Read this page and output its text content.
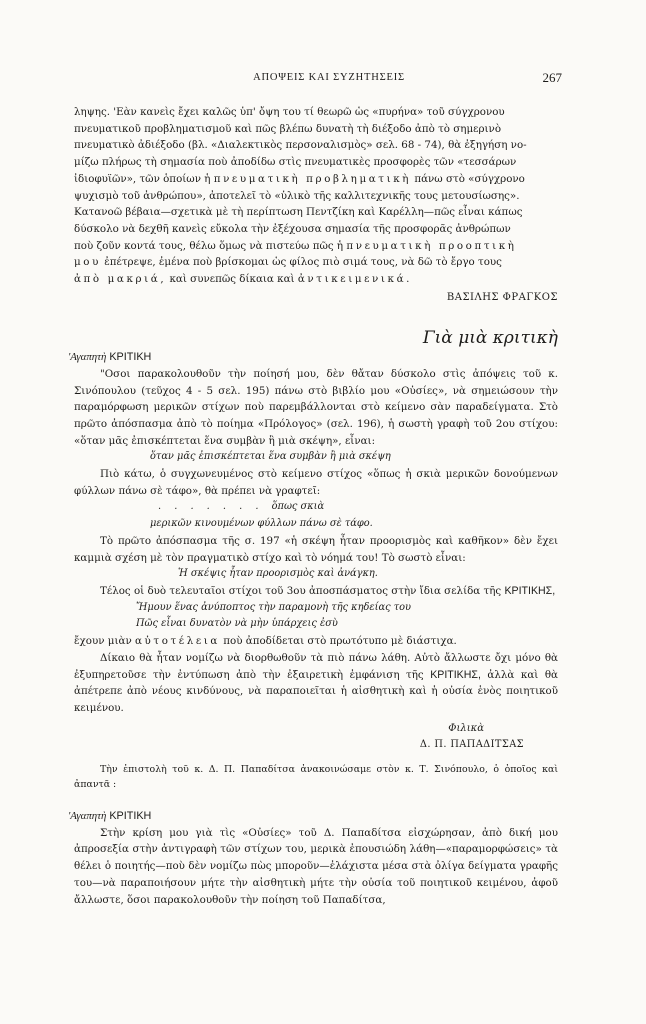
ΑΠΟΨΕΙΣ ΚΑΙ ΣΥΖΗΤΗΣΕΙΣ	267

ληψης. 'Εὰν κανεὶς ἔχει καλῶς ὑπ' ὄψη του τί θεωρῶ ὡς «πυρήνα» τοῦ σύγχρονου

πνευματικοῦ προβληματισμοῦ καὶ πῶς βλέπω δυνατὴ τὴ διέξοδο ἀπὸ τὸ σημερινὸ

πνευματικὸ ἀδιέξοδο (βλ. «Διαλεκτικὸς περσοναλισμὸς» σελ. 68 - 74), θὰ ἐξηγήση νο-

μίζω πλήρως τὴ σημασία ποὺ ἀποδίδω στὶς πνευματικὲς προσφορὲς τῶν «τεσσάρων

ἰδιοφυϊῶν», τῶν ὁποίων ἡ πνευματικὴ προβληματικὴ πάνω στὸ «σύγχρονο

ψυχισμὸ τοῦ ἀνθρώπου», ἀποτελεῖ τὸ «ὑλικὸ τῆς καλλιτεχνικῆς τους μετουσίωσης».

Κατανοῶ βέβαια—σχετικὰ μὲ τὴ περίπτωση Πεντζίκη καὶ Καρέλλη—πῶς εἶναι κάπως

δύσκολο νὰ δεχθῆ κανεὶς εὔκολα τὴν ἐξέχουσα σημασία τῆς προσφορᾶς ἀνθρώπων

ποὺ ζοῦν κοντά τους, θέλω ὅμως νὰ πιστεύω πῶς ἡ πνευματικὴ προοπτικὴ

μου ἐπέτρεψε, ἐμένα ποὺ βρίσκομαι ὡς φίλος πιὸ σιμά τους, νὰ δῶ τὸ ἔργο τους

ἀπὸ μακριά, καὶ συνεπῶς δίκαια καὶ ἀντικειμενικά.

ΒΑΣΙΛΗΣ ΦΡΑΓΚΟΣ
Γιὰ μιὰ κριτικὴ
'Αγαπητὴ ΚΡΙΤΙΚΗ

"Οσοι παρακολουθοῦν τὴν ποίησή μου, δὲν θἄταν δύσκολο στὶς ἀπόψεις τοῦ κ. Σινόπουλου (τεῦχος 4 - 5 σελ. 195) πάνω στὸ βιβλίο μου «Οὐσίες», νὰ σημειώσουν τὴν παραμόρφωση μερικῶν στίχων ποὺ παρεμβάλλονται στὸ κείμενο σὰν παραδείγματα. Στὸ πρῶτο ἀπόσπασμα ἀπὸ τὸ ποίημα «Πρόλογος» (σελ. 196), ἡ σωστὴ γραφὴ τοῦ 2ου στίχου: «ὅταν μᾶς ἐπισκέπτεται ἕνα συμβὰν ἢ μιὰ σκέψη», εἶναι:

ὅταν μᾶς ἐπισκέπτεται ἕνα συμβὰν ἢ μιὰ σκέψη

Πιὸ κάτω, ὁ συγχωνευμένος στὸ κείμενο στίχος «ὅπως ἡ σκιὰ μερικῶν δονούμενων φύλλων πάνω σὲ τάφο», θὰ πρέπει νὰ γραφτεῖ:

. . . . . . . ὅπως σκιὰ
μερικῶν κινουμένων φύλλων πάνω σὲ τάφο.

Τὸ πρῶτο ἀπόσπασμα τῆς σ. 197 «ἡ σκέψη ἦταν προορισμὸς καὶ καθῆκον» δὲν ἔχει καμμιὰ σχέση μὲ τὸν πραγματικὸ στίχο καὶ τὸ νόημά του! Τὸ σωστὸ εἶναι:

Ἡ σκέψις ἦταν προορισμὸς καὶ ἀνάγκη.

Τέλος οἱ δυὸ τελευταῖοι στίχοι τοῦ 3ου ἀποσπάσματος στὴν ἴδια σελίδα τῆς ΚΡΙΤΙΚΗΣ,

Ἤμουν ἕνας ἀνύποπτος τὴν παραμονὴ τῆς κηδείας του
Πῶς εἶναι δυνατὸν νὰ μὴν ὑπάρχεις ἐσὺ

ἔχουν μιὰν αὐτοτέλεια ποὺ ἀποδίδεται στὸ πρωτότυπο μὲ διάστιχα.

Δίκαιο θὰ ἦταν νομίζω νὰ διορθωθοῦν τὰ πιὸ πάνω λάθη. Αὐτὸ ἄλλωστε ὄχι μόνο θὰ ἐξυπηρετοῦσε τὴν ἐντύπωση ἀπὸ τὴν ἐξαιρετικὴ ἐμφάνιση τῆς ΚΡΙΤΙΚΗΣ, ἀλλὰ καὶ θὰ ἀπέτρεπε ἀπὸ νέους κινδύνους, νὰ παραποιεῖται ἡ αἰσθητικὴ καὶ ἡ οὐσία ἑνὸς ποιητικοῦ κειμένου.

Φιλικὰ
Δ. Π. ΠΑΠΑΔΙΤΣΑΣ

Τὴν ἐπιστολὴ τοῦ κ. Δ. Π. Παπαδίτσα ἀνακοινώσαμε στὸν κ. Τ. Σινόπουλο, ὁ ὁποῖος καὶ ἀπαντᾶ :

'Αγαπητὴ ΚΡΙΤΙΚΗ

Στὴν κρίση μου γιὰ τὶς «Οὐσίες» τοῦ Δ. Παπαδίτσα εἰσχώρησαν, ἀπὸ δική μου ἀπροσεξία στὴν ἀντιγραφὴ τῶν στίχων του, μερικὰ ἐπουσιώδη λάθη—«παραμορφώσεις» τὰ θέλει ὁ ποιητής—ποὺ δὲν νομίζω πὼς μποροῦν—ἐλάχιστα μέσα στὰ ὀλίγα δείγματα γραφῆς του—νὰ παραποιήσουν μήτε τὴν αἰσθητικὴ μήτε τὴν οὐσία τοῦ ποιητικοῦ κειμένου, ἀφοῦ ἄλλωστε, ὅσοι παρακολουθοῦν τὴν ποίηση τοῦ Παπαδίτσα,
